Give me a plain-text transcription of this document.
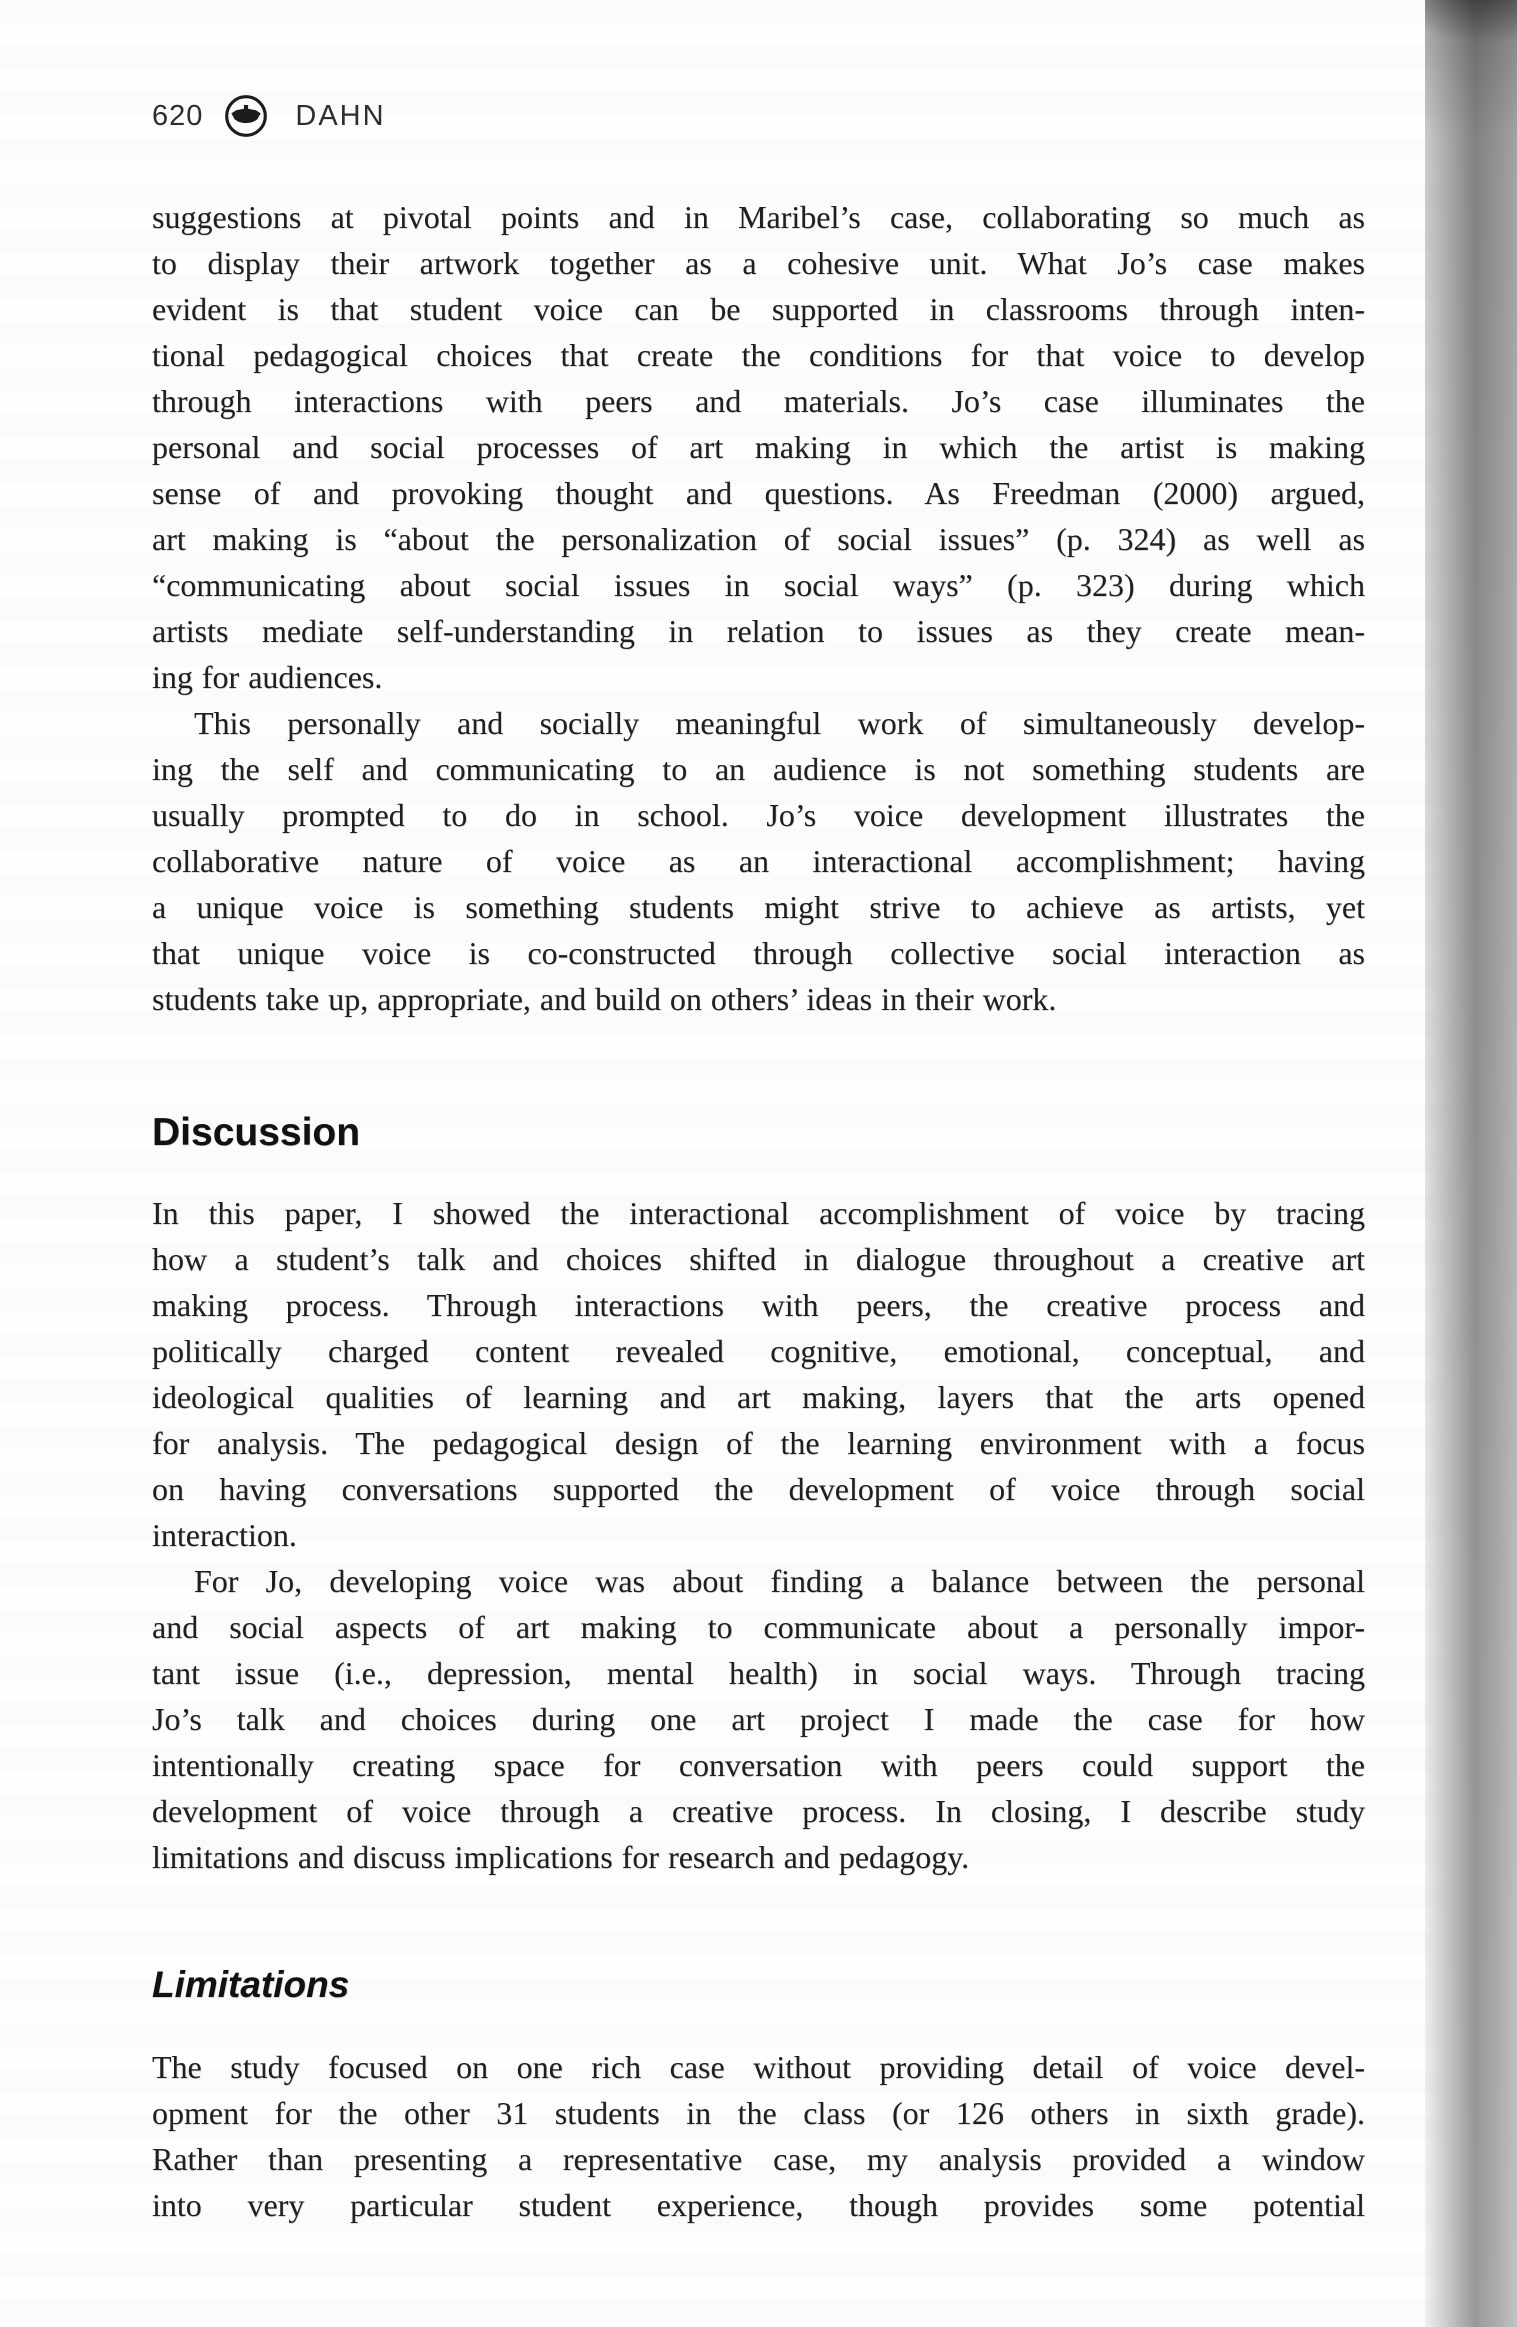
620	DAHN
suggestions at pivotal points and in Maribel’s case, collaborating so much as
to display their artwork together as a cohesive unit. What Jo’s case makes
evident is that student voice can be supported in classrooms through inten-
tional pedagogical choices that create the conditions for that voice to develop
through interactions with peers and materials. Jo’s case illuminates the
personal and social processes of art making in which the artist is making
sense of and provoking thought and questions. As Freedman (2000) argued,
art making is “about the personalization of social issues” (p. 324) as well as
“communicating about social issues in social ways” (p. 323) during which
artists mediate self-understanding in relation to issues as they create mean-
ing for audiences.
This personally and socially meaningful work of simultaneously develop-
ing the self and communicating to an audience is not something students are
usually prompted to do in school. Jo’s voice development illustrates the
collaborative nature of voice as an interactional accomplishment; having
a unique voice is something students might strive to achieve as artists, yet
that unique voice is co-constructed through collective social interaction as
students take up, appropriate, and build on others’ ideas in their work.
Discussion
In this paper, I showed the interactional accomplishment of voice by tracing
how a student’s talk and choices shifted in dialogue throughout a creative art
making process. Through interactions with peers, the creative process and
politically charged content revealed cognitive, emotional, conceptual, and
ideological qualities of learning and art making, layers that the arts opened
for analysis. The pedagogical design of the learning environment with a focus
on having conversations supported the development of voice through social
interaction.
For Jo, developing voice was about finding a balance between the personal
and social aspects of art making to communicate about a personally impor-
tant issue (i.e., depression, mental health) in social ways. Through tracing
Jo’s talk and choices during one art project I made the case for how
intentionally creating space for conversation with peers could support the
development of voice through a creative process. In closing, I describe study
limitations and discuss implications for research and pedagogy.
Limitations
The study focused on one rich case without providing detail of voice devel-
opment for the other 31 students in the class (or 126 others in sixth grade).
Rather than presenting a representative case, my analysis provided a window
into very particular student experience, though provides some potential
